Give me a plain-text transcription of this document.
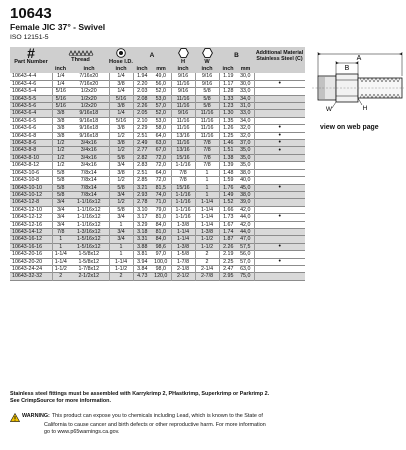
10643
Female JIC 37° - Swivel
ISO 12151-5
#
Part Number	Thread		Hose I.D.	A		H	W	B		Additional Material Stainless Steel (C)
	inch	inch	inch	inch	mm	inch	inch	inch	mm	
10643-4-4	1/4	7/16x20	1/4	1.94	49,0	9/16	9/16	1.19	30,0	
10643-4-6	1/4	7/16x20	3/8	2.20	56,0	11/16	9/16	1.17	30,0	•
10643-5-4	5/16	1/2x20	1/4	2.03	52,0	9/16	5/8	1.28	33,0	
10643-5-5	5/16	1/2x20	5/16	2.08	53,0	11/16	5/8	1.33	34,0	
10643-5-6	5/16	1/2x20	3/8	2.26	57,0	11/16	5/8	1.23	31,0	
10643-6-4	3/8	9/16x18	1/4	2.05	52,0	9/16	11/16	1.30	33,0	
10643-6-5	3/8	9/16x18	5/16	2.10	53,0	11/16	11/16	1.35	34,0	
10643-6-6	3/8	9/16x18	3/8	2.29	58,0	11/16	11/16	1.26	32,0	•
10643-6-8	3/8	9/16x18	1/2	2.51	64,0	13/16	11/16	1.25	32,0	•
10643-8-6	1/2	3/4x16	3/8	2.49	63,0	11/16	7/8	1.46	37,0	•
10643-8-8	1/2	3/4x16	1/2	2.77	67,0	13/16	7/8	1.51	35,0	•
10643-8-10	1/2	3/4x16	5/8	2.82	72,0	15/16	7/8	1.38	35,0	
10643-8-12	1/2	3/4x16	3/4	2.83	72,0	1-1/16	7/8	1.39	35,0	
10643-10-6	5/8	7/8x14	3/8	2.51	64,0	7/8	1	1.48	38,0	
10643-10-8	5/8	7/8x14	1/2	2.85	72,0	7/8	1	1.59	40,0	
10643-10-10	5/8	7/8x14	5/8	3.21	81,5	15/16	1	1.76	45,0	•
10643-10-12	5/8	7/8x14	3/4	2.93	74,0	1-1/16	1	1.49	38,0	
10643-12-8	3/4	1-1/16x12	1/2	2.78	71,0	1-1/16	1-1/4	1.52	39,0	
10643-12-10	3/4	1-1/16x12	5/8	3.10	79,0	1-1/16	1-1/4	1.66	42,0	
10643-12-12	3/4	1-1/16x12	3/4	3.17	81,0	1-1/16	1-1/4	1.73	44,0	•
10643-12-16	3/4	1-1/16x12	1	3.29	84,0	1-3/8	1-1/4	1.67	42,0	
10643-14-12	7/8	1-3/16x12	3/4	3.18	81,0	1-1/4	1-3/8	1.74	44,0	
10643-16-12	1	1-5/16x12	3/4	3.31	84,0	1-1/4	1-1/2	1.87	47,0	
10643-16-16	1	1-5/16x12	1	3.88	98,6	1-3/8	1-1/2	2.26	57,5	•
10643-20-16	1-1/4	1-5/8x12	1	3.81	97,0	1-5/8	2	2.19	56,0	
10643-20-20	1-1/4	1-5/8x12	1-1/4	3.94	100,0	1-7/8	2	2.25	57,0	•
10643-24-24	1-1/2	1-7/8x12	1-1/2	3.84	98,0	2-1/8	2-1/4	2.47	63,0	
10643-32-32	2	2-1/2x12	2	4.73	120,0	2-1/2	2-7/8	2.95	75,0	
A
B
W	H
view on web page
Stainless steel fittings must be assembled with Karrykrimp 2, PHastkrimp, Superkrimp or Parkrimp 2.
See CrimpSource for more information.
WARNING: This product can expose you to chemicals including Lead, which is known to the State of
California to cause cancer and birth defects or other reproductive harm. For more information
go to www.p65warnings.ca.gov.
